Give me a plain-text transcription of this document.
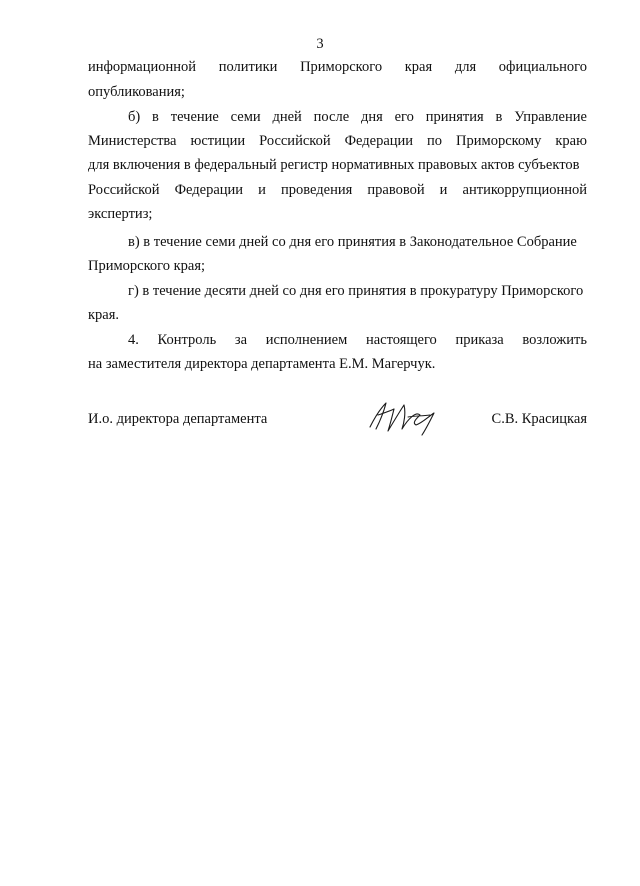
3
информационной политики Приморского края для официального
опубликования;
б) в течение семи дней после дня его принятия в Управление
Министерства юстиции Российской Федерации по Приморскому краю
для включения в федеральный регистр нормативных правовых актов субъектов
Российской Федерации и проведения правовой и антикоррупционной
экспертиз;
в) в течение семи дней со дня его принятия в Законодательное Собрание
Приморского края;
г) в течение десяти дней со дня его принятия в прокуратуру Приморского
края.
4. Контроль за исполнением настоящего приказа возложить
на заместителя директора департамента Е.М. Магерчук.
И.о. директора департамента	С.В. Красицкая
